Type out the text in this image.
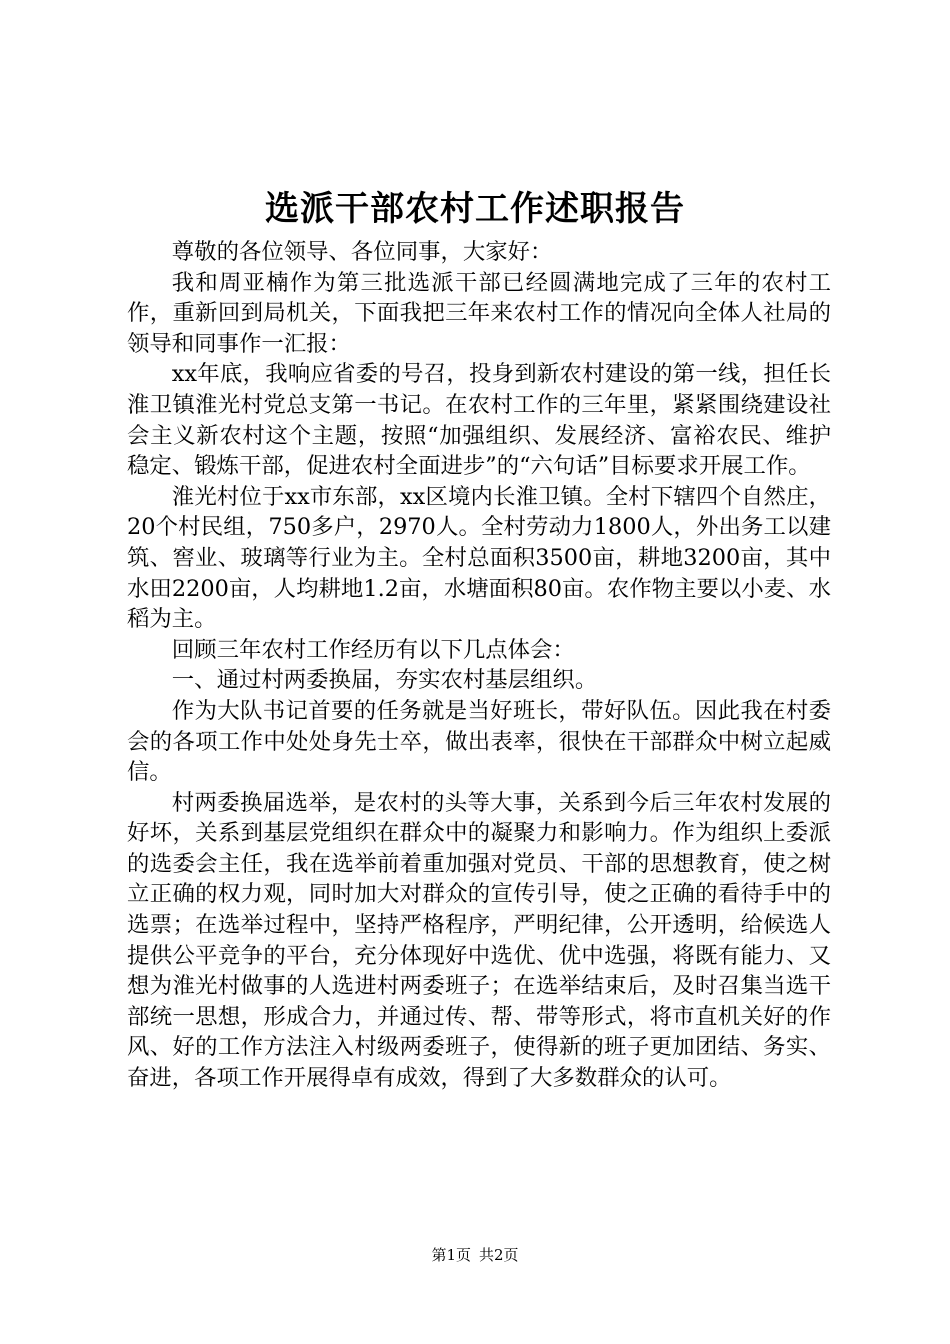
选派干部农村工作述职报告

尊敬的各位领导、各位同事，大家好：

我和周亚楠作为第三批选派干部已经圆满地完成了三年的农村工作，重新回到局机关，下面我把三年来农村工作的情况向全体人社局的领导和同事作一汇报：

xx年底，我响应省委的号召，投身到新农村建设的第一线，担任长淮卫镇淮光村党总支第一书记。在农村工作的三年里，紧紧围绕建设社会主义新农村这个主题，按照“加强组织、发展经济、富裕农民、维护稳定、锻炼干部，促进农村全面进步”的“六句话”目标要求开展工作。

淮光村位于xx市东部，xx区境内长淮卫镇。全村下辖四个自然庄，20个村民组，750多户，2970人。全村劳动力1800人，外出务工以建筑、窖业、玻璃等行业为主。全村总面积3500亩，耕地3200亩，其中水田2200亩，人均耕地1.2亩，水塘面积80亩。农作物主要以小麦、水稻为主。

回顾三年农村工作经历有以下几点体会：

一、通过村两委换届，夯实农村基层组织。

作为大队书记首要的任务就是当好班长，带好队伍。因此我在村委会的各项工作中处处身先士卒，做出表率，很快在干部群众中树立起威信。

村两委换届选举，是农村的头等大事，关系到今后三年农村发展的好坏，关系到基层党组织在群众中的凝聚力和影响力。作为组织上委派的选委会主任，我在选举前着重加强对党员、干部的思想教育，使之树立正确的权力观，同时加大对群众的宣传引导，使之正确的看待手中的选票；在选举过程中，坚持严格程序，严明纪律，公开透明，给候选人提供公平竞争的平台，充分体现好中选优、优中选强，将既有能力、又想为淮光村做事的人选进村两委班子；在选举结束后，及时召集当选干部统一思想，形成合力，并通过传、帮、带等形式，将市直机关好的作风、好的工作方法注入村级两委班子，使得新的班子更加团结、务实、奋进，各项工作开展得卓有成效，得到了大多数群众的认可。

第1页 共2页
